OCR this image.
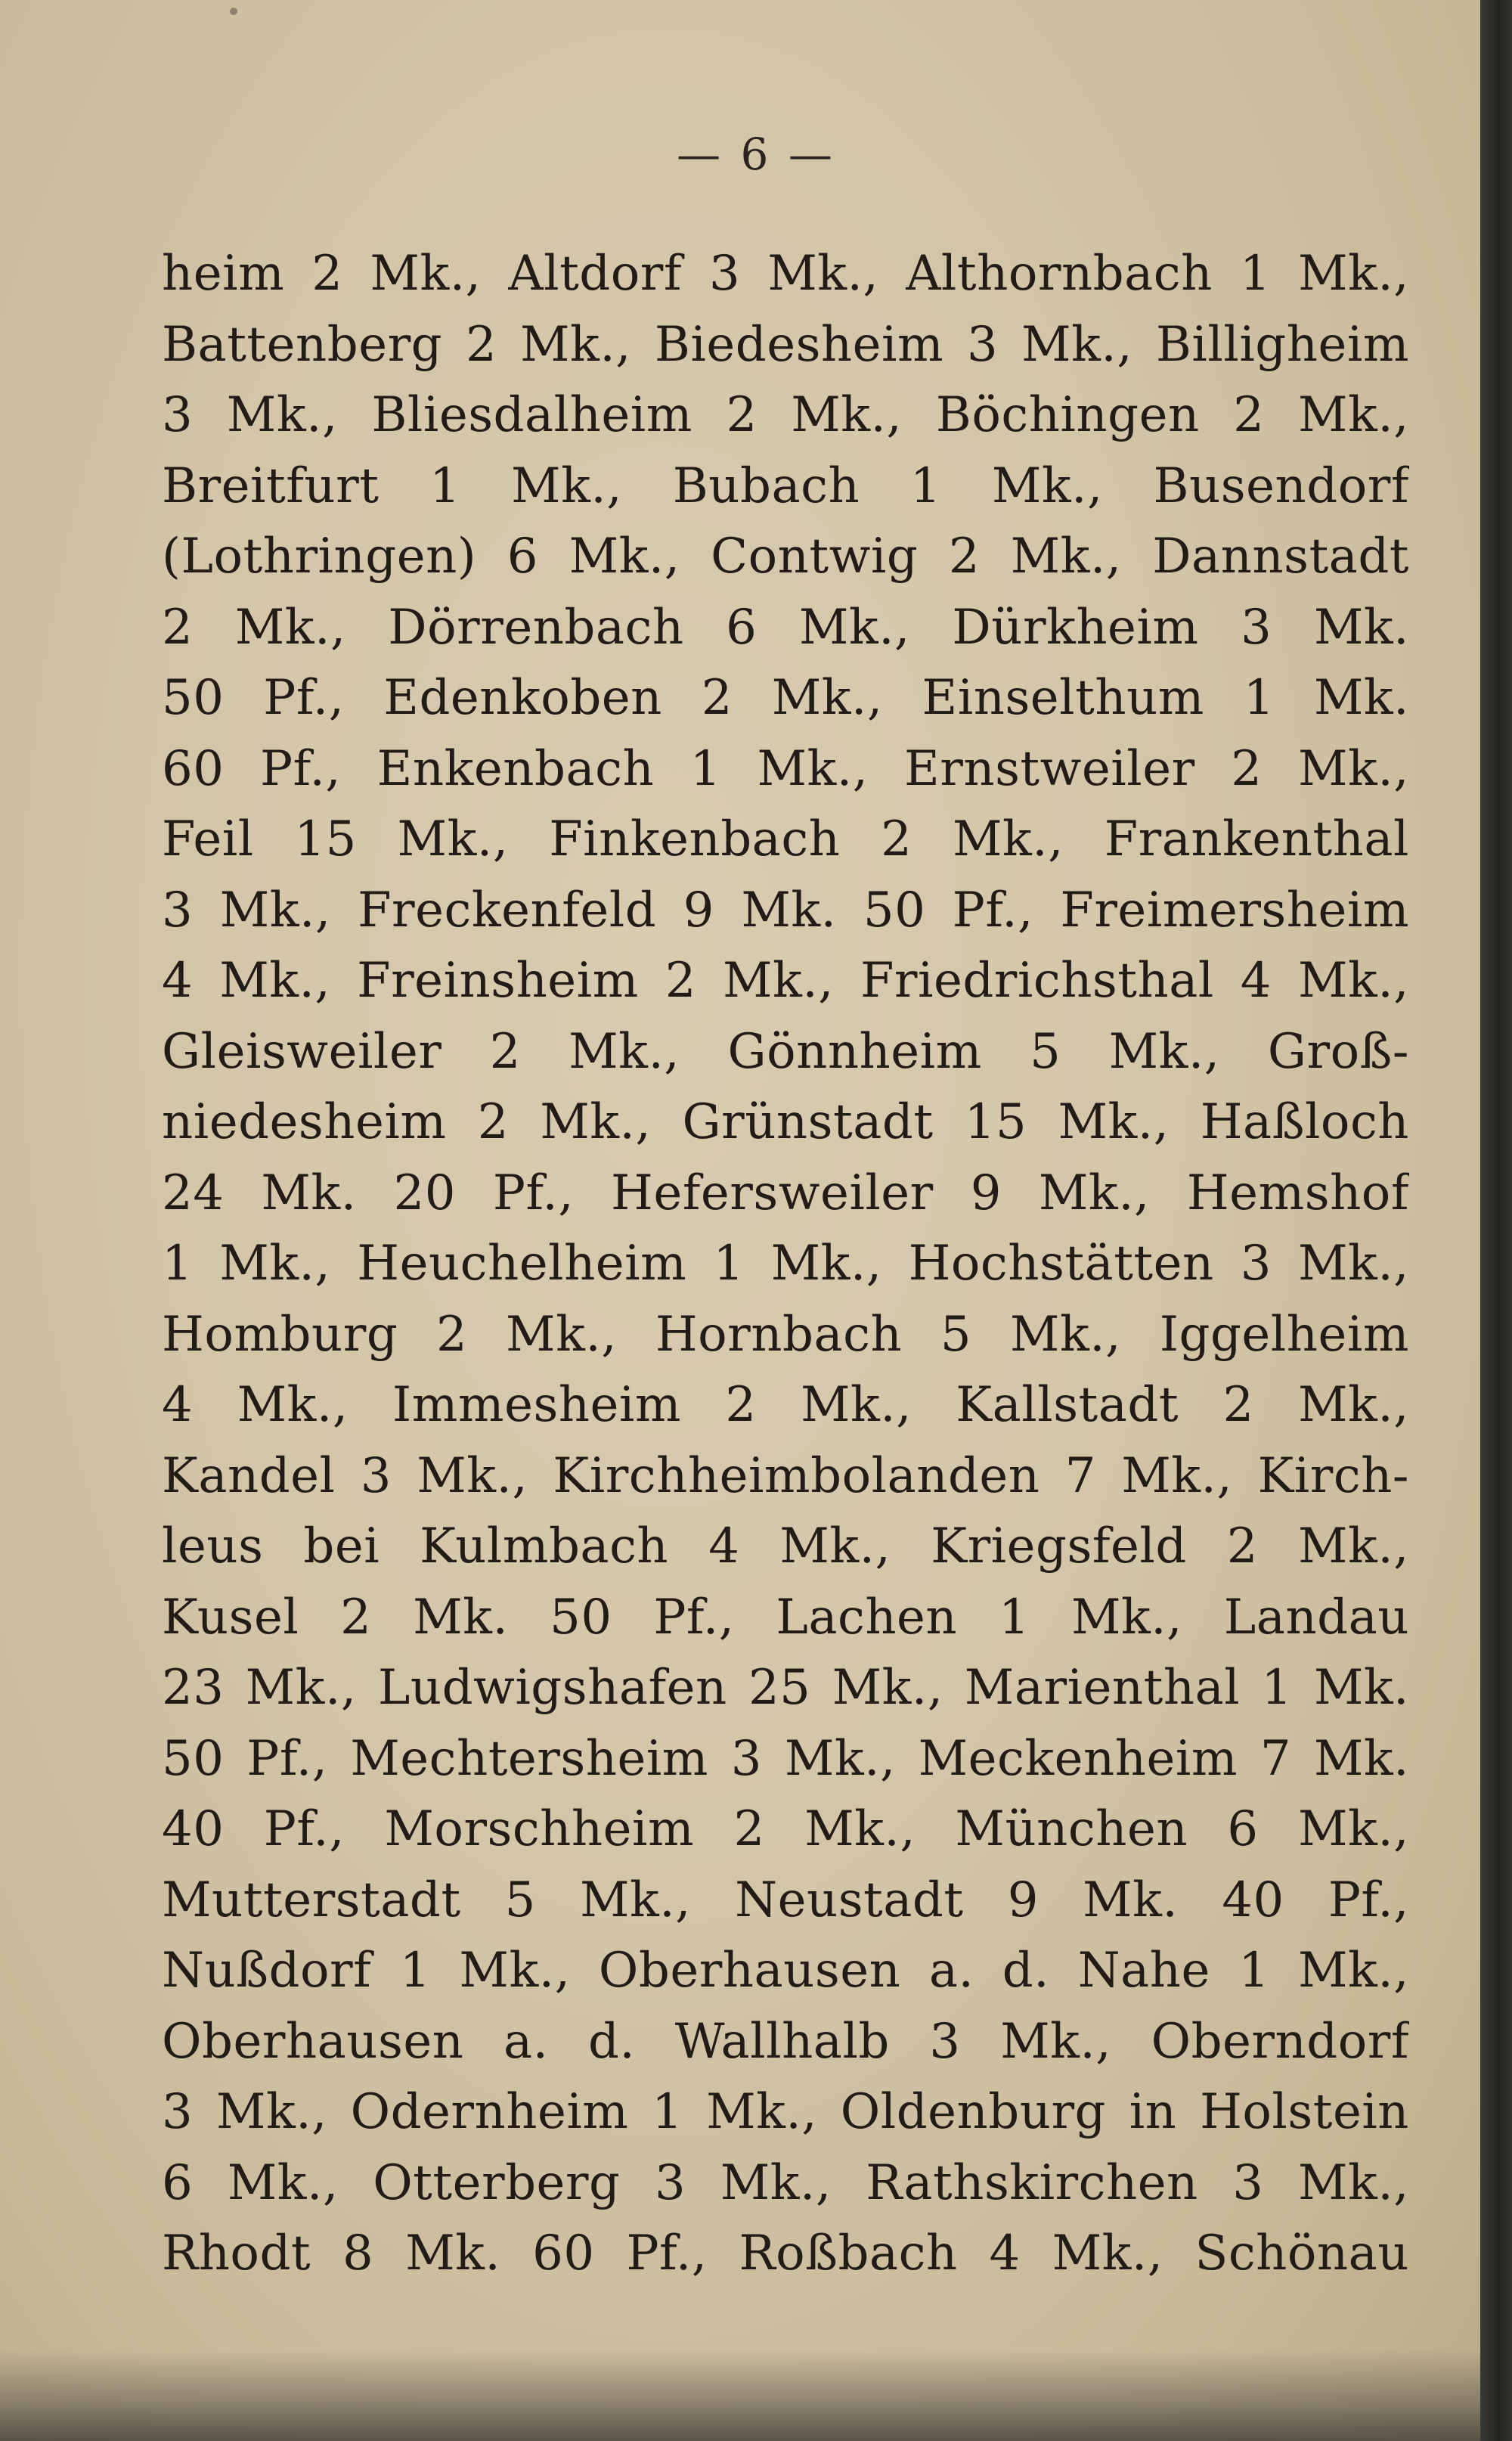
— 6 —
heim 2 Mk., Altdorf 3 Mk., Althornbach 1 Mk.,
Battenberg 2 Mk., Biedesheim 3 Mk., Billigheim
3 Mk., Bliesdalheim 2 Mk., Böchingen 2 Mk.,
Breitfurt 1 Mk., Bubach 1 Mk., Busendorf
(Lothringen) 6 Mk., Contwig 2 Mk., Dannstadt
2 Mk., Dörrenbach 6 Mk., Dürkheim 3 Mk.
50 Pf., Edenkoben 2 Mk., Einselthum 1 Mk.
60 Pf., Enkenbach 1 Mk., Ernstweiler 2 Mk.,
Feil 15 Mk., Finkenbach 2 Mk., Frankenthal
3 Mk., Freckenfeld 9 Mk. 50 Pf., Freimersheim
4 Mk., Freinsheim 2 Mk., Friedrichsthal 4 Mk.,
Gleisweiler 2 Mk., Gönnheim 5 Mk., Groß-
niedesheim 2 Mk., Grünstadt 15 Mk., Haßloch
24 Mk. 20 Pf., Hefersweiler 9 Mk., Hemshof
1 Mk., Heuchelheim 1 Mk., Hochstätten 3 Mk.,
Homburg 2 Mk., Hornbach 5 Mk., Iggelheim
4 Mk., Immesheim 2 Mk., Kallstadt 2 Mk.,
Kandel 3 Mk., Kirchheimbolanden 7 Mk., Kirch-
leus bei Kulmbach 4 Mk., Kriegsfeld 2 Mk.,
Kusel 2 Mk. 50 Pf., Lachen 1 Mk., Landau
23 Mk., Ludwigshafen 25 Mk., Marienthal 1 Mk.
50 Pf., Mechtersheim 3 Mk., Meckenheim 7 Mk.
40 Pf., Morschheim 2 Mk., München 6 Mk.,
Mutterstadt 5 Mk., Neustadt 9 Mk. 40 Pf.,
Nußdorf 1 Mk., Oberhausen a. d. Nahe 1 Mk.,
Oberhausen a. d. Wallhalb 3 Mk., Oberndorf
3 Mk., Odernheim 1 Mk., Oldenburg in Holstein
6 Mk., Otterberg 3 Mk., Rathskirchen 3 Mk.,
Rhodt 8 Mk. 60 Pf., Roßbach 4 Mk., Schönau
